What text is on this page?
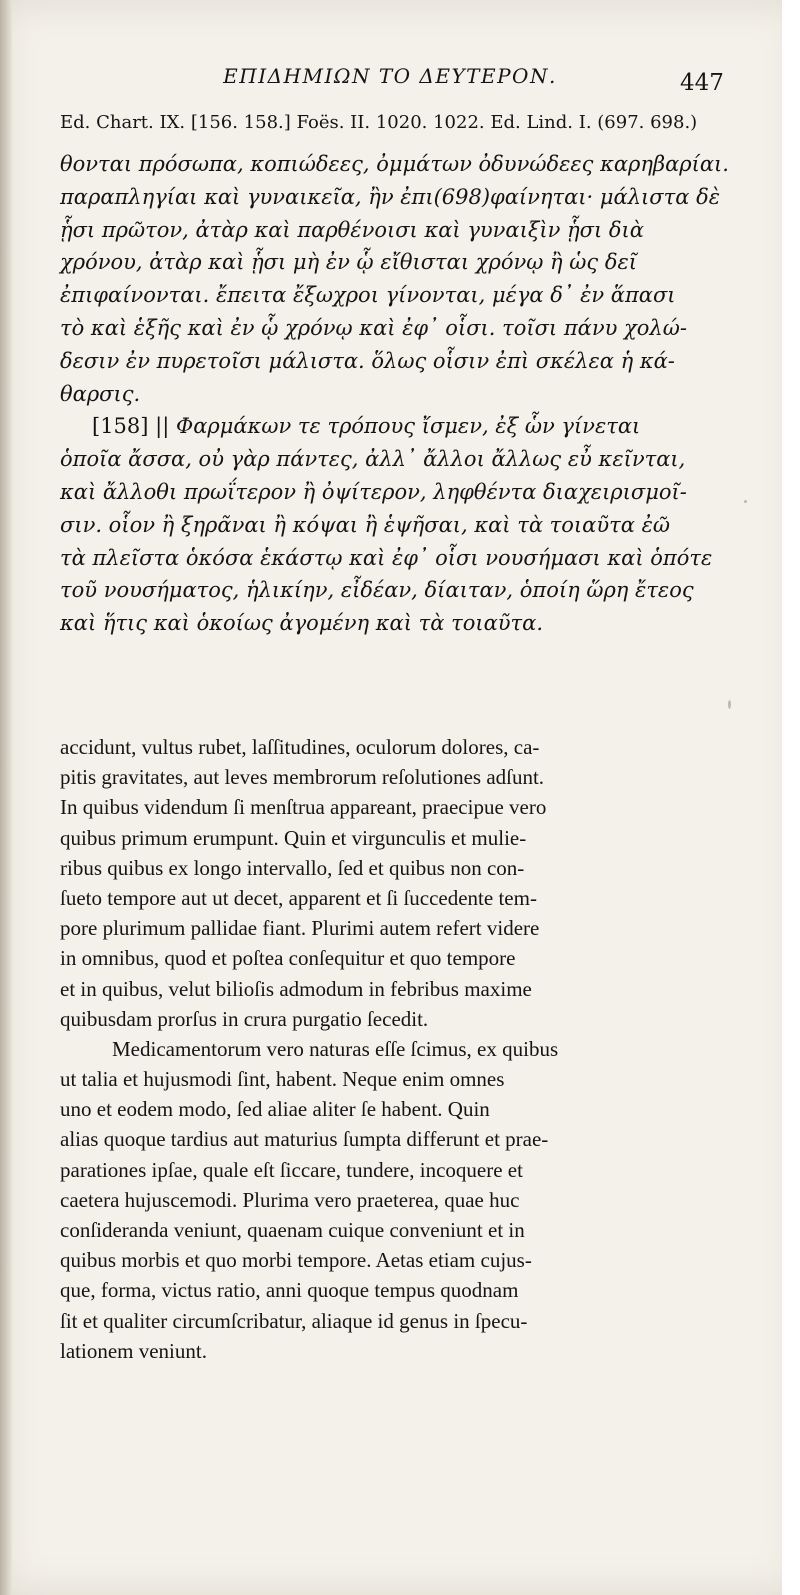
ΕΠΙΔΗΜΙΩΝ ΤΟ ΔΕΥΤΕΡΟΝ.	447
Ed. Chart. IX. [156. 158.] Foës. II. 1020. 1022. Ed. Lind. I. (697. 698.)
θονται πρόσωπα, κοπιώδεες, ὀμμάτων ὀδυνώδεες καρηβαρίαι.
παραπληγίαι καὶ γυναικεῖα, ἢν ἐπι(698)φαίνηται· μάλιστα δὲ
ᾗσι πρῶτον, ἀτὰρ καὶ παρθένοισι καὶ γυναιξὶν ᾗσι διὰ
χρόνου, ἀτὰρ καὶ ᾗσι μὴ ἐν ᾧ εἴθισται χρόνῳ ἢ ὡς δεῖ
ἐπιφαίνονται. ἔπειτα ἔξωχροι γίνονται, μέγα δ᾽ ἐν ἅπασι
τὸ καὶ ἑξῆς καὶ ἐν ᾧ χρόνῳ καὶ ἐφ᾽ οἷσι. τοῖσι πάνυ χολώ-
δεσιν ἐν πυρετοῖσι μάλιστα. ὅλως οἷσιν ἐπὶ σκέλεα ἡ κά-
θαρσις.
[158] || Φαρμάκων τε τρόπους ἴσμεν, ἐξ ὧν γίνεται
ὁποῖα ἄσσα, οὐ γὰρ πάντες, ἀλλ᾽ ἄλλοι ἄλλως εὖ κεῖνται,
καὶ ἄλλοθι πρωΐτερον ἢ ὀψίτερον, ληφθέντα διαχειρισμοῖ-
σιν. οἷον ἢ ξηρᾶναι ἢ κόψαι ἢ ἑψῆσαι, καὶ τὰ τοιαῦτα ἐῶ
τὰ πλεῖστα ὁκόσα ἑκάστῳ καὶ ἐφ᾽ οἷσι νουσήμασι καὶ ὁπότε
τοῦ νουσήματος, ἡλικίην, εἶδέαν, δίαιταν, ὁποίη ὥρη ἔτεος
καὶ ἥτις καὶ ὁκοίως ἀγομένη καὶ τὰ τοιαῦτα.
accidunt, vultus rubet, laſſitudines, oculorum dolores, ca-
pitis gravitates, aut leves membrorum reſolutiones adſunt.
In quibus videndum ſi menſtrua appareant, praecipue vero
quibus primum erumpunt. Quin et virgunculis et mulie-
ribus quibus ex longo intervallo, ſed et quibus non con-
ſueto tempore aut ut decet, apparent et ſi ſuccedente tem-
pore plurimum pallidae fiant. Plurimi autem refert videre
in omnibus, quod et poſtea conſequitur et quo tempore
et in quibus, velut bilioſis admodum in febribus maxime
quibusdam prorſus in crura purgatio ſecedit.
Medicamentorum vero naturas eſſe ſcimus, ex quibus
ut talia et hujusmodi ſint, habent. Neque enim omnes
uno et eodem modo, ſed aliae aliter ſe habent. Quin
alias quoque tardius aut maturius ſumpta differunt et prae-
parationes ipſae, quale eſt ſiccare, tundere, incoquere et
caetera hujuscemodi. Plurima vero praeterea, quae huc
conſideranda veniunt, quaenam cuique conveniunt et in
quibus morbis et quo morbi tempore. Aetas etiam cujus-
que, forma, victus ratio, anni quoque tempus quodnam
ſit et qualiter circumſcribatur, aliaque id genus in ſpecu-
lationem veniunt.
